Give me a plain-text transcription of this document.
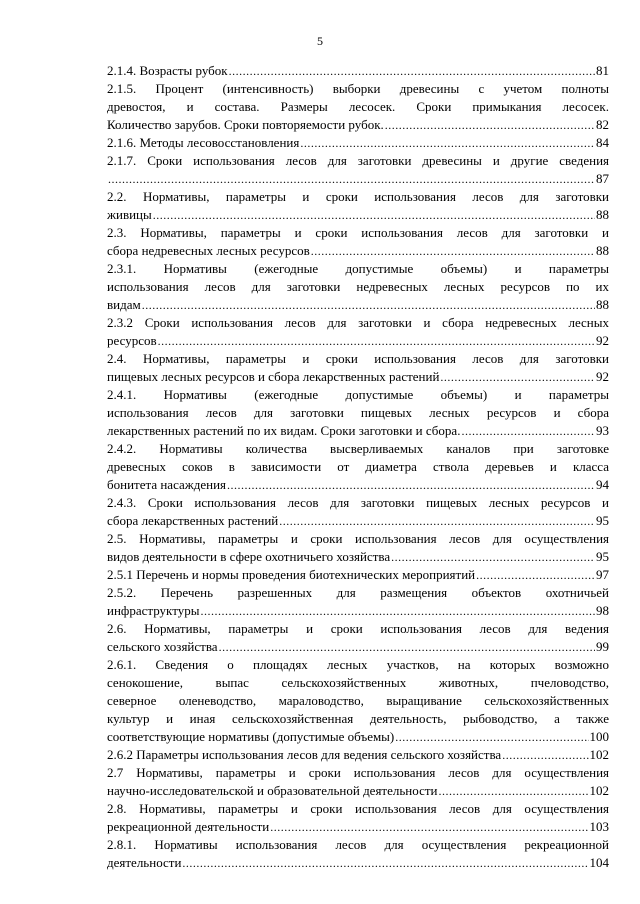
5
2.1.4. Возрасты рубок .....	81
2.1.5. Процент (интенсивность) выборки древесины с учетом полноты
древостоя, и состава. Размеры лесосек. Сроки примыкания лесосек.
Количество зарубов. Сроки повторяемости рубок. .....	82
2.1.6. Методы лесовосстановления .....	84
2.1.7. Сроки использования лесов для заготовки древесины и другие сведения
.....
87
2.2. Нормативы, параметры и сроки использования лесов для заготовки
живицы .....	88
2.3. Нормативы, параметры и сроки использования лесов для заготовки и
сбора недревесных лесных ресурсов .....	88
2.3.1. Нормативы (ежегодные допустимые объемы) и параметры
использования лесов для заготовки недревесных лесных ресурсов по их
видам .....	88
2.3.2 Сроки использования лесов для заготовки и сбора недревесных лесных
ресурсов .....	92
2.4. Нормативы, параметры и сроки использования лесов для заготовки
пищевых лесных ресурсов и сбора лекарственных растений .....	92
2.4.1. Нормативы (ежегодные допустимые объемы) и параметры
использования лесов для заготовки пищевых лесных ресурсов и сбора
лекарственных растений по их видам. Сроки заготовки и сбора. .....	93
2.4.2. Нормативы количества высверливаемых каналов при заготовке
древесных соков в зависимости от диаметра ствола деревьев и класса
бонитета насаждения .....	94
2.4.3. Сроки использования лесов для заготовки пищевых лесных ресурсов и
сбора лекарственных растений .....	95
2.5. Нормативы, параметры и сроки использования лесов для осуществления
видов деятельности в сфере охотничьего хозяйства .....	95
2.5.1 Перечень и нормы проведения биотехнических мероприятий .....	97
2.5.2. Перечень разрешенных для размещения объектов охотничьей
инфраструктуры .....	98
2.6. Нормативы, параметры и сроки использования лесов для ведения
сельского хозяйства .....	99
2.6.1. Сведения о площадях лесных участков, на которых возможно
сенокошение, выпас сельскохозяйственных животных, пчеловодство,
северное оленеводство, мараловодство, выращивание сельскохозяйственных
культур и иная сельскохозяйственная деятельность, рыбоводство, а также
соответствующие нормативы (допустимые объемы) .....	100
2.6.2 Параметры использования лесов для ведения сельского хозяйства .....	102
2.7 Нормативы, параметры и сроки использования лесов для осуществления
научно-исследовательской и образовательной деятельности .....	102
2.8. Нормативы, параметры и сроки использования лесов для осуществления
рекреационной деятельности .....	103
2.8.1. Нормативы использования лесов для осуществления рекреационной
деятельности .....	104
